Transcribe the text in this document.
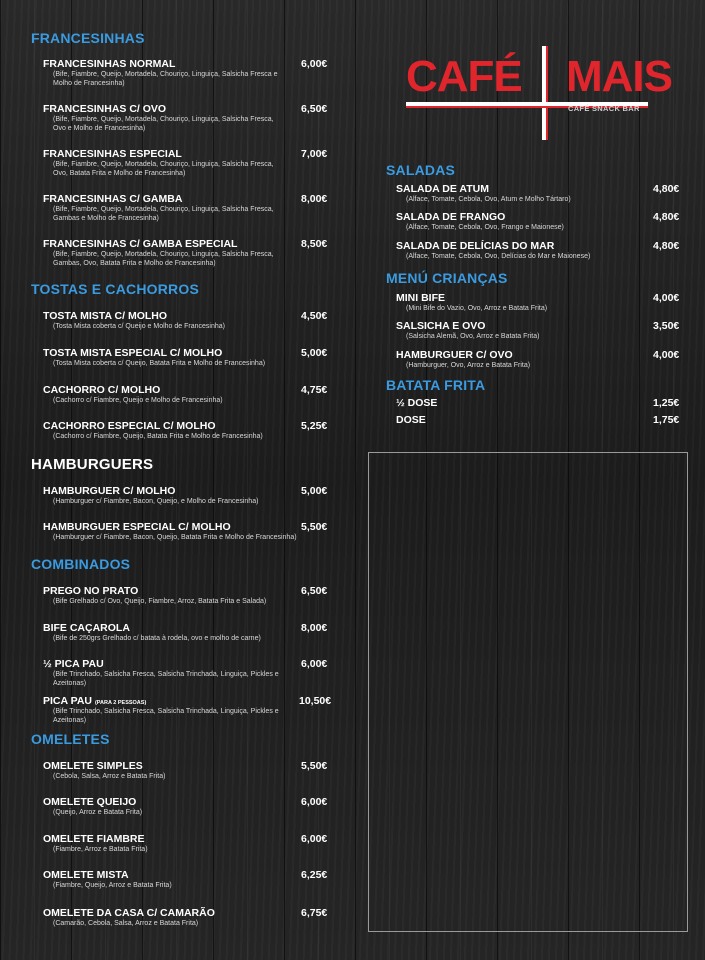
CAFÉ MAIS
CAFÉ SNACK BAR
FRANCESINHAS
FRANCESINHAS NORMAL
(Bife, Fiambre, Queijo, Mortadela, Chouriço, Linguiça, Salsicha Fresca e Molho de Francesinha)
6,00€
FRANCESINHAS C/ OVO
(Bife, Fiambre, Queijo, Mortadela, Chouriço, Linguiça, Salsicha Fresca, Ovo e Molho de Francesinha)
6,50€
FRANCESINHAS ESPECIAL
(Bife, Fiambre, Queijo, Mortadela, Chouriço, Linguiça, Salsicha Fresca, Ovo, Batata Frita e Molho de Francesinha)
7,00€
FRANCESINHAS C/ GAMBA
(Bife, Fiambre, Queijo, Mortadela, Chouriço, Linguiça, Salsicha Fresca, Gambas e Molho de Francesinha)
8,00€
FRANCESINHAS C/ GAMBA ESPECIAL
(Bife, Fiambre, Queijo, Mortadela, Chouriço, Linguiça, Salsicha Fresca, Gambas, Ovo, Batata Frita e Molho de Francesinha)
8,50€
TOSTAS E CACHORROS
TOSTA MISTA C/ MOLHO
(Tosta Mista coberta c/ Queijo e Molho de Francesinha)
4,50€
TOSTA MISTA ESPECIAL C/ MOLHO
(Tosta Mista coberta c/ Queijo, Batata Frita e Molho de Francesinha)
5,00€
CACHORRO C/ MOLHO
(Cachorro c/ Fiambre, Queijo e Molho de Francesinha)
4,75€
CACHORRO ESPECIAL C/ MOLHO
(Cachorro c/ Fiambre, Queijo, Batata Frita e Molho de Francesinha)
5,25€
HAMBURGUERS
HAMBURGUER C/ MOLHO
(Hamburguer c/ Fiambre, Bacon, Queijo, e Molho de Francesinha)
5,00€
HAMBURGUER ESPECIAL C/ MOLHO
(Hamburguer c/ Fiambre, Bacon, Queijo, Batata Frita e Molho de Francesinha)
5,50€
COMBINADOS
PREGO NO PRATO
(Bife Grelhado c/ Ovo, Queijo, Fiambre, Arroz, Batata Frita e Salada)
6,50€
BIFE CAÇAROLA
(Bife de 250grs Grelhado c/ batata à rodela, ovo e molho de carne)
8,00€
½ PICA PAU
(Bife Trinchado, Salsicha Fresca, Salsicha Trinchada, Linguiça, Pickles e Azeitonas)
6,00€
PICA PAU (PARA 2 PESSOAS)
(Bife Trinchado, Salsicha Fresca, Salsicha Trinchada, Linguiça, Pickles e Azeitonas)
10,50€
OMELETES
OMELETE SIMPLES
(Cebola, Salsa, Arroz e Batata Frita)
5,50€
OMELETE QUEIJO
(Queijo, Arroz e Batata Frita)
6,00€
OMELETE FIAMBRE
(Fiambre, Arroz e Batata Frita)
6,00€
OMELETE MISTA
(Fiambre, Queijo, Arroz e Batata Frita)
6,25€
OMELETE DA CASA C/ CAMARÃO
(Camarão, Cebola, Salsa, Arroz e Batata Frita)
6,75€
SALADAS
SALADA DE ATUM
(Alface, Tomate, Cebola, Ovo, Atum e Molho Tártaro)
4,80€
SALADA DE FRANGO
(Alface, Tomate, Cebola, Ovo, Frango e Maionese)
4,80€
SALADA DE DELÍCIAS DO MAR
(Alface, Tomate, Cebola, Ovo, Delícias do Mar e Maionese)
4,80€
MENÚ CRIANÇAS
MINI BIFE
(Mini Bife do Vazio, Ovo, Arroz e Batata Frita)
4,00€
SALSICHA E OVO
(Salsicha Alemã, Ovo, Arroz e Batata Frita)
3,50€
HAMBURGUER C/ OVO
(Hamburguer, Ovo, Arroz e Batata Frita)
4,00€
BATATA FRITA
½ DOSE	1,25€
DOSE	1,75€
